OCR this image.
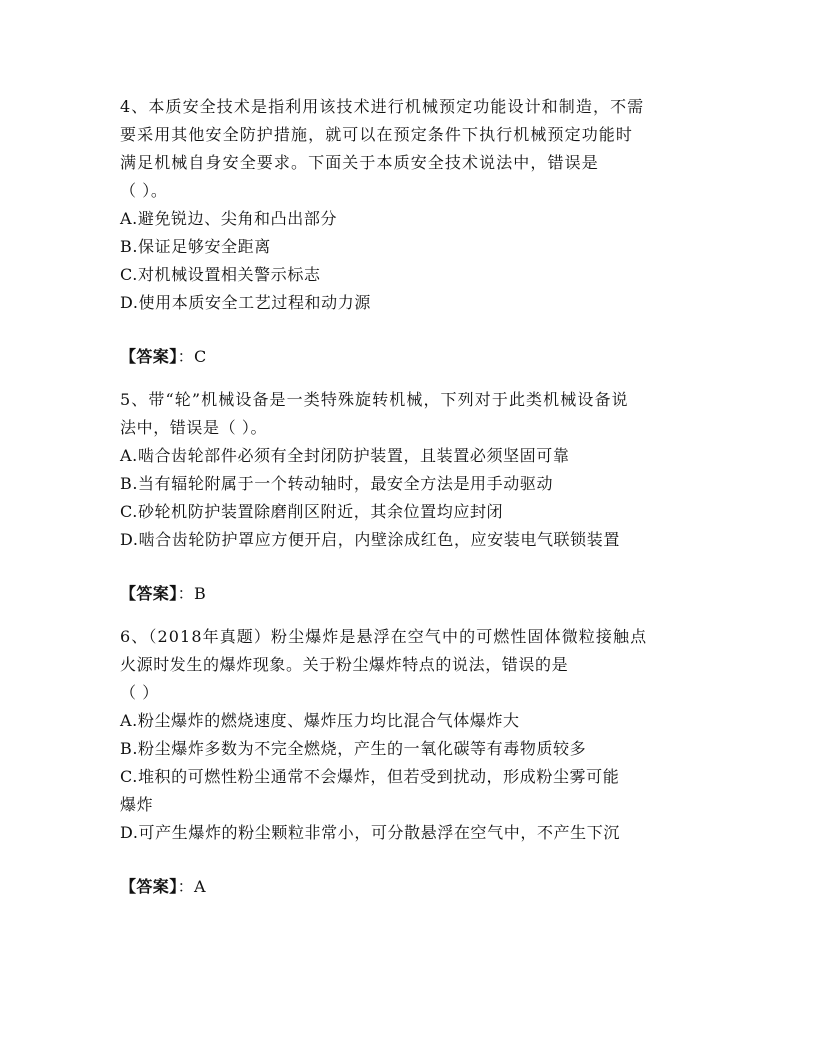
4、本质安全技术是指利用该技术进行机械预定功能设计和制造，不需
要采用其他安全防护措施，就可以在预定条件下执行机械预定功能时
满足机械自身安全要求。下面关于本质安全技术说法中，错误是
（ ）。
A.避免锐边、尖角和凸出部分
B.保证足够安全距离
C.对机械设置相关警示标志
D.使用本质安全工艺过程和动力源
【答案】：C
5、带“轮”机械设备是一类特殊旋转机械，下列对于此类机械设备说
法中，错误是（ ）。
A.啮合齿轮部件必须有全封闭防护装置，且装置必须坚固可靠
B.当有辐轮附属于一个转动轴时，最安全方法是用手动驱动
C.砂轮机防护装置除磨削区附近，其余位置均应封闭
D.啮合齿轮防护罩应方便开启，内壁涂成红色，应安装电气联锁装置
【答案】：B
6、（2018年真题）粉尘爆炸是悬浮在空气中的可燃性固体微粒接触点
火源时发生的爆炸现象。关于粉尘爆炸特点的说法，错误的是
（ ）
A.粉尘爆炸的燃烧速度、爆炸压力均比混合气体爆炸大
B.粉尘爆炸多数为不完全燃烧，产生的一氧化碳等有毒物质较多
C.堆积的可燃性粉尘通常不会爆炸，但若受到扰动，形成粉尘雾可能
爆炸
D.可产生爆炸的粉尘颗粒非常小，可分散悬浮在空气中，不产生下沉
【答案】：A
